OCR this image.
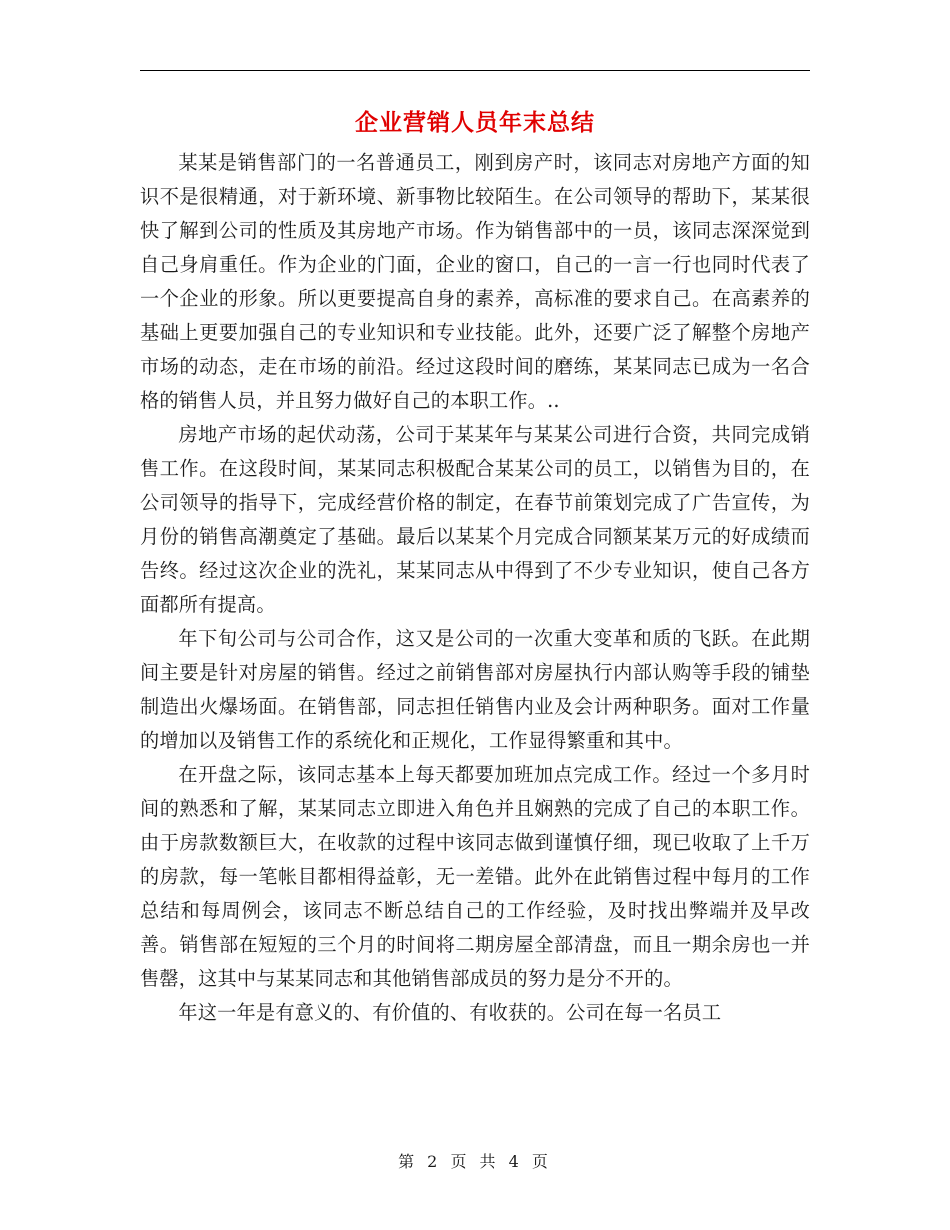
企业营销人员年末总结

某某是销售部门的一名普通员工，刚到房产时，该同志对房地产方面的知识不是很精通，对于新环境、新事物比较陌生。在公司领导的帮助下，某某很快了解到公司的性质及其房地产市场。作为销售部中的一员，该同志深深觉到自己身肩重任。作为企业的门面，企业的窗口，自己的一言一行也同时代表了一个企业的形象。所以更要提高自身的素养，高标准的要求自己。在高素养的基础上更要加强自己的专业知识和专业技能。此外，还要广泛了解整个房地产市场的动态，走在市场的前沿。经过这段时间的磨练，某某同志已成为一名合格的销售人员，并且努力做好自己的本职工作。..

房地产市场的起伏动荡，公司于某某年与某某公司进行合资，共同完成销售工作。在这段时间，某某同志积极配合某某公司的员工，以销售为目的，在公司领导的指导下，完成经营价格的制定，在春节前策划完成了广告宣传，为月份的销售高潮奠定了基础。最后以某某个月完成合同额某某万元的好成绩而告终。经过这次企业的洗礼，某某同志从中得到了不少专业知识，使自己各方面都所有提高。

年下旬公司与公司合作，这又是公司的一次重大变革和质的飞跃。在此期间主要是针对房屋的销售。经过之前销售部对房屋执行内部认购等手段的铺垫制造出火爆场面。在销售部，同志担任销售内业及会计两种职务。面对工作量的增加以及销售工作的系统化和正规化，工作显得繁重和其中。

在开盘之际，该同志基本上每天都要加班加点完成工作。经过一个多月时间的熟悉和了解，某某同志立即进入角色并且娴熟的完成了自己的本职工作。由于房款数额巨大，在收款的过程中该同志做到谨慎仔细，现已收取了上千万的房款，每一笔帐目都相得益彰，无一差错。此外在此销售过程中每月的工作总结和每周例会，该同志不断总结自己的工作经验，及时找出弊端并及早改善。销售部在短短的三个月的时间将二期房屋全部清盘，而且一期余房也一并售罄，这其中与某某同志和其他销售部成员的努力是分不开的。

年这一年是有意义的、有价值的、有收获的。公司在每一名员工

第 2 页 共 4 页
